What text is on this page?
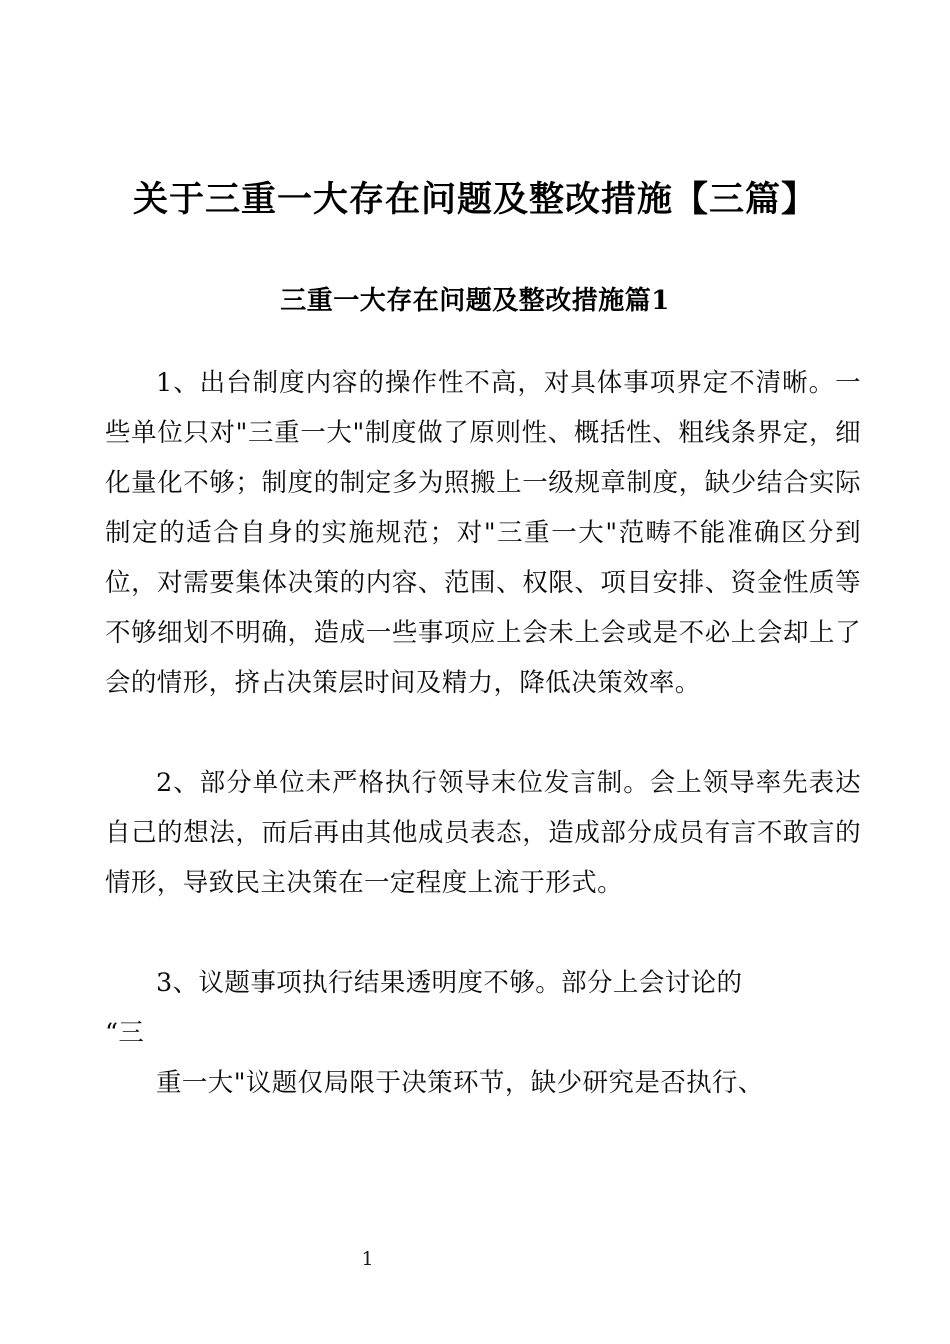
关于三重一大存在问题及整改措施【三篇】
三重一大存在问题及整改措施篇1

1、出台制度内容的操作性不高，对具体事项界定不清晰。一些单位只对"三重一大"制度做了原则性、概括性、粗线条界定，细化量化不够；制度的制定多为照搬上一级规章制度，缺少结合实际制定的适合自身的实施规范；对"三重一大"范畴不能准确区分到位，对需要集体决策的内容、范围、权限、项目安排、资金性质等不够细划不明确，造成一些事项应上会未上会或是不必上会却上了会的情形，挤占决策层时间及精力，降低决策效率。

2、部分单位未严格执行领导末位发言制。会上领导率先表达自己的想法，而后再由其他成员表态，造成部分成员有言不敢言的情形，导致民主决策在一定程度上流于形式。

3、议题事项执行结果透明度不够。部分上会讨论的

“三

重一大"议题仅局限于决策环节，缺少研究是否执行、

1
